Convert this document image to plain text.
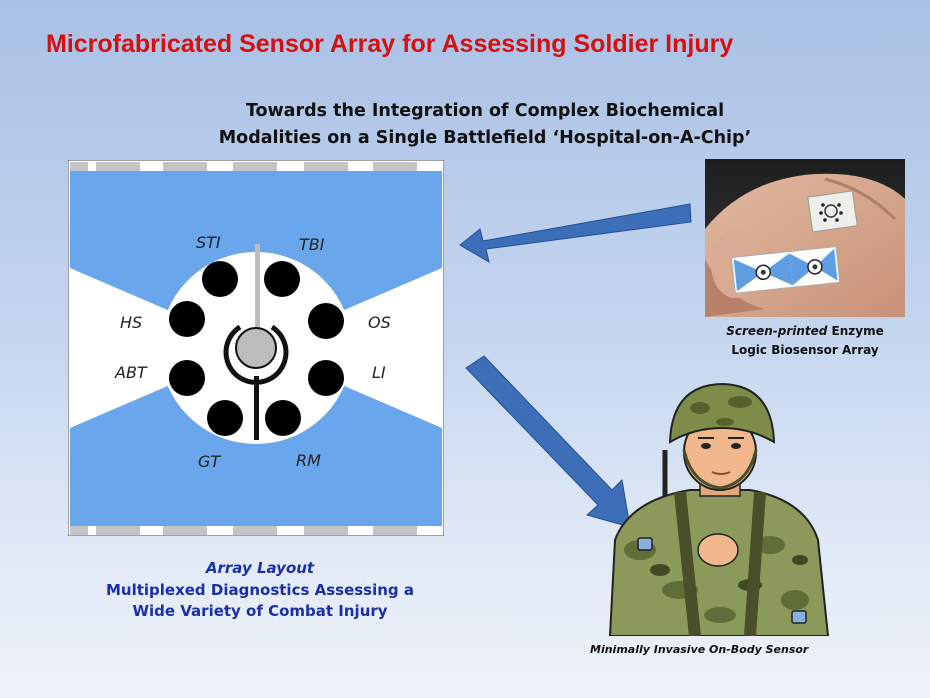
Microfabricated Sensor Array for Assessing Soldier Injury
Towards the Integration of Complex Biochemical
Modalities on a Single Battlefield ‘Hospital-on-A-Chip’
STI	TBI
HS	OS
ABT	LI
GT	RM
Array Layout
Multiplexed Diagnostics Assessing a
Wide Variety of Combat Injury
Screen-printed Enzyme
Logic Biosensor Array
Minimally Invasive On-Body Sensor
